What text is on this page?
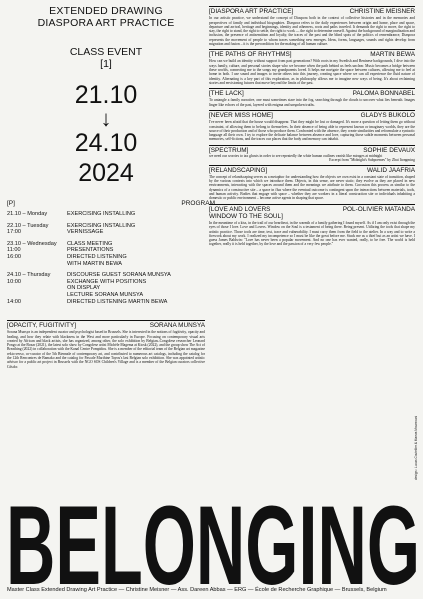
EXTENDED DRAWING
DIASPORA ART PRACTICE
CLASS EVENT
[1]
21.10
↓
24.10
2024
[P]	PROGRAM
21.10 – Monday	EXERCISING INSTALLING
22.10 – Tuesday	EXERCISING INSTALLING
17:00	VERNISSAGE
23.10 – Wednesday	CLASS MEETING
11:00	PRESENTATIONS
16:00	DIRECTED LISTENING
WITH MARTIN BEWA
24.10 – Thursday	DISCOURSE GUEST SORANA MUNSYA
10:00	EXCHANGE WITH POSITIONS
ON DISPLAY
LECTURE SORANA MUNSYA
14:00	DIRECTED LISTENING MARTIN BEWA
[OPACITY, FUGITIVITY]	SORANA MUNSYA
Sorana Munsya is an independent curator and psychologist based in Brussels. She is interested in the notions of fugitivity, opacity and healing, and how they relate with blackness in the West and more particularly in Europe. Focusing on contemporary visual arts created by African and black artists, she has organized, among other, the solo exhibition by Belgian–Congolese researcher Leonard Pongo at the Bozar (2021), the latest solo show by Congolese artist Michèle Magema at Kiosk (2022), and the group show The Act of Breathing (2022) in collaboration with the Kanal Centre Pompidou. She is a member of the editorial team of the Belgian art magazine rekto:verso, co-curator of the 5th Biennale of contemporary art, and contributed to numerous art catalogs, including the catalog for the 12th Rencontres de Bamako and the catalog for Pascale Marthine Tayou's last Belgian solo exhibition. She was appointed artistic advisor for a public art project in Brussels with the NGO SOS Children's Village and is a member of the Belgian curators collective Cdsdcr.
[DIASPORA ART PRACTICE]	CHRISTINE MEISNER
In our artistic practice, we understand the concept of Diaspora both in the context of collective histories and in the memories and perspectives of family and individual biographies. Diaspora refers to the daily experiences between origin and home, place and space, departure and arrival, heritage and beginnings, identity and otherness, roots and paths traveled. It demands the right to move, the right to stay, the right to stand, the right to settle, the right to work — the right to determine oneself. Against the background of marginalization and inclusion, the presence of antisemitism and loyalty, the traces of the past and the blind spots of the politics of remembrance, Diaspora represents the movement of people to whom traces something new emerges. Ideas, forms, languages, sounds and rights develop from migration and fusion – it is the precondition for the making of all human culture.
[THE PATHS OF RHYTHMS]	MARTIN BEWA
How can we build an identity without support from past generations? With roots in my Swedish and Beninese backgrounds, I dive into the ways family, culture, and personal stories shape who we become when the path behind us feels unclear. Music becomes a bridge between these worlds, connecting me to the songs my grandparents loved. It helps me navigate the space between cultures, allowing me to feel at home in both. I use sound and images to invite others into this journey, creating space where we can all experience the fluid nature of identity. Alternating is a key part of this exploration, as in philosophy allows me to imagine new ways of being. It's about reclaiming stories and envisioning futures that move beyond the limits of the past.
[THE LACK]	PALOMA BONNABEL
To untangle a family narrative, one must sometimes stare into the fog, searching through the clouds to uncover what lies beneath. Images linger like echoes of the past, layered with enigma and unspoken truths.
[NEVER MISS HOME]	GLADYS BUKOLO
I've never been afraid that the house would disappear. That they might be lost or damaged. It's more a question of letting them go without constraint, of allowing them to belong to themselves. In their absence of being able to represent known or imaginary worlds, they are the source of their production and of those who produce them. Confronted with the absence, they create similarities and reformulate a syntactic language all their own. I try to explore the delicate balance between absence and love, capturing those subtle moments between personal memories, self-fictions, and the traces our places that the body and memory can inhabit.
[SPECTRUM]	SOPHIE DEVAUX
we need our worries to tax ghosts in order to see repeatedly the white human outlines vanish like mirages at midnight
Excerpt from "Midnight's Subpoemes" by Zhai Itongming
[RELANDSCAPING]	WALID JAAFRIA
The concept of relandscaping serves as a metaphor for understanding how the objects we own exist in a constant state of transition, shaped by the various contexts into which we introduce them. Objects, in this sense, are never static; they evolve as they are placed in new environments, interacting with the spaces around them and the meanings we attribute to them. Corrosion this process as similar to the dynamics of a constructive site – a space in flux where the eventual outcome is contingent upon the interactions between materials, tools, and human activity. Bodies that engage with space – whether they are workers in a literal construction site or individuals inhabiting a domestic or public environment – become active agents in shaping that space.
[LOVE AND LOVERS	POL-OLIVIER MATANDA
WINDOW TO THE SOUL]
In the meantime of a kiss, in the trail of our heartbeat, in the warmth of a family gathering I found myself. As if I am only exist through the eyes of those I love. Love and Lovers. Window on the Soul is a testament of being there. Being present. Utilizing the tools that shape my artistic practice. Those tools are time, text, trace and vulnerability. I must carry them from the field to the atelier. In a way and to write a firework about my work. I realized my incompetence so I must be like the great before me. Stuck me as a thief but as an artist we have. I guess James Baldwin: "Love has never been a popular movement. And no one has ever wanted, really, to be free. The world is held together, really it is held together, by the love and the passion of a very few people."
BELONGING
Master Class Extended Drawing Art Practice — Christine Meisner — Ass. Dareen Abbas — ERG — École de Recherche Graphique — Brussels, Belgium
design : Lucas Coutellier & Maeva Moumouni
